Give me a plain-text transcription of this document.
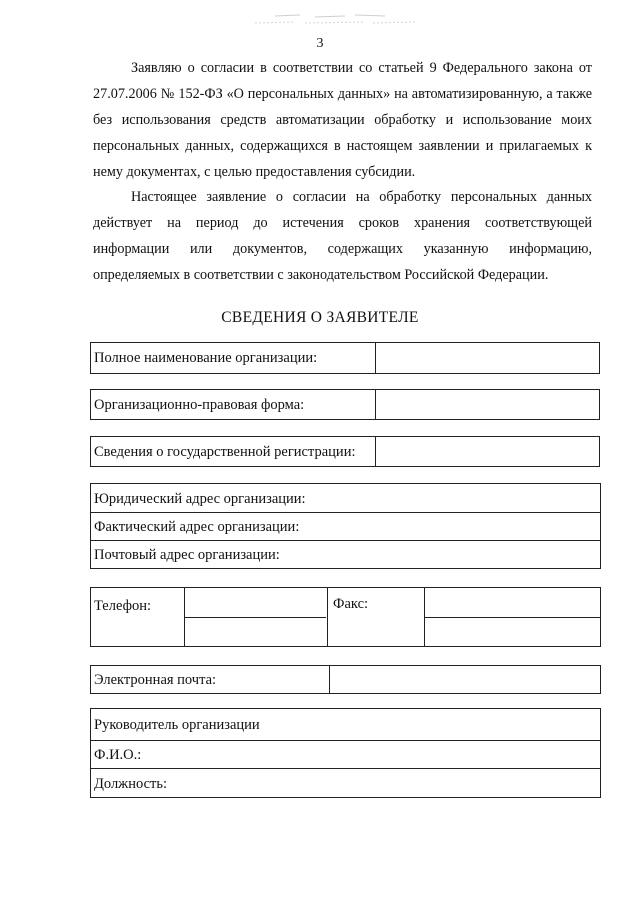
3

Заявляю о согласии в соответствии со статьей 9 Федерального закона от 27.07.2006 № 152-ФЗ «О персональных данных» на автоматизированную, а также без использования средств автоматизации обработку и использование моих персональных данных, содержащихся в настоящем заявлении и прилагаемых к нему документах, с целью предоставления субсидии.

Настоящее заявление о согласии на обработку персональных данных действует на период до истечения сроков хранения соответствующей информации или документов, содержащих указанную информацию, определяемых в соответствии с законодательством Российской Федерации.

СВЕДЕНИЯ О ЗАЯВИТЕЛЕ
Полное наименование организации:
Организационно-правовая форма:
Сведения о государственной регистрации:
Юридический адрес организации:
Фактический адрес организации:
Почтовый адрес организации:
Телефон:	Факс:
Электронная почта:
Руководитель организации
Ф.И.О.:
Должность:
